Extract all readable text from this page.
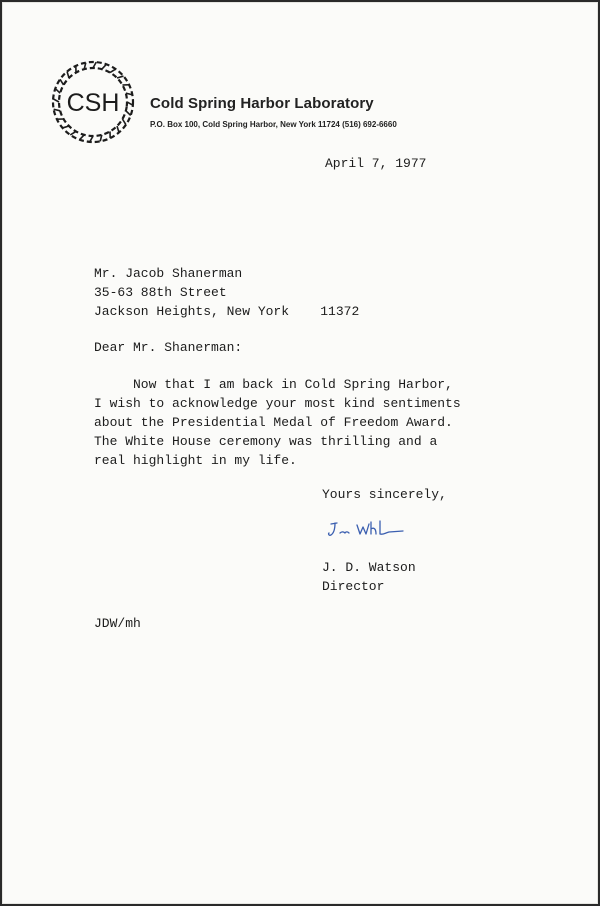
CSH Cold Spring Harbor Laboratory
P.O. Box 100, Cold Spring Harbor, New York 11724 (516) 692-6660
April 7, 1977
Mr. Jacob Shanerman
35-63 88th Street
Jackson Heights, New York    11372
Dear Mr. Shanerman:
Now that I am back in Cold Spring Harbor,
I wish to acknowledge your most kind sentiments
about the Presidential Medal of Freedom Award.
The White House ceremony was thrilling and a
real highlight in my life.
Yours sincerely,
J. D. Watson
Director
JDW/mh
